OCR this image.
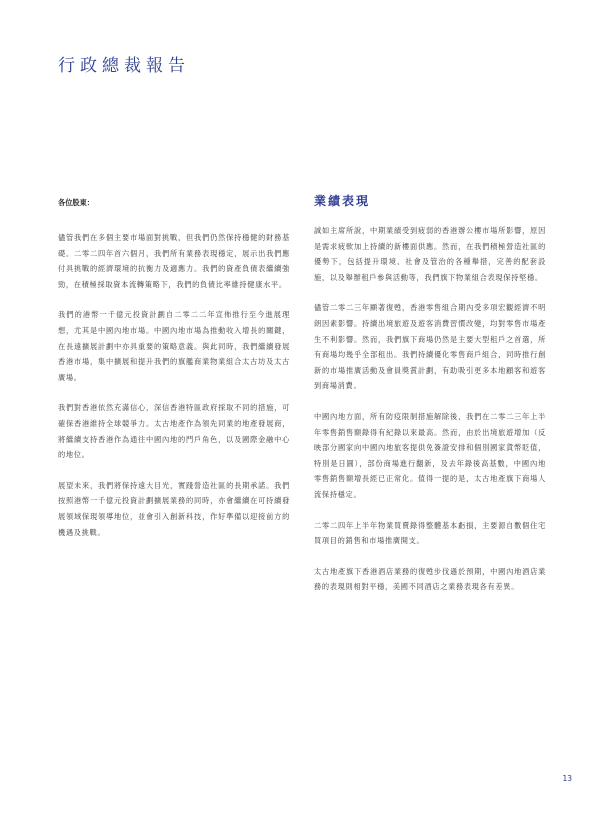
行政總裁報告

各位股東：

儘管我們在多個主要市場面對挑戰，但我們仍然保持穩健的財務基礎。二零二四年首六個月，我們所有業務表現穩定，展示出我們應付具挑戰的經濟環境的抗衡力及適應力。我們的資產負債表繼續強勁，在積極採取資本流轉策略下，我們的負債比率維持健康水平。

我們的港幣一千億元投資計劃自二零二二年宣佈推行至今進展理想，尤其是中國內地市場。中國內地市場為推動收入增長的關鍵，在長遠擴展計劃中亦具重要的策略意義。與此同時，我們繼續發展香港市場，集中擴展和提升我們的旗艦商業物業組合太古坊及太古廣場。

我們對香港依然充滿信心，深信香港特區政府採取不同的措施，可確保香港維持全球競爭力。太古地產作為領先同業的地產發展商，將繼續支持香港作為通往中國內地的門戶角色，以及國際金融中心的地位。

展望未來，我們將保持遠大目光，實踐營造社區的長期承諾。我們按照港幣一千億元投資計劃擴展業務的同時，亦會繼續在可持續發展領域保現領導地位，並會引入創新科技，作好準備以迎接前方的機遇及挑戰。

業績表現

誠如主席所說，中期業績受到疲弱的香港辦公樓市場所影響，原因是需求疲軟加上持續的新樓面供應。然而，在我們積極營造社區的優勢下，包括提升環境、社會及管治的各種舉措，完善的配套設施，以及舉辦租戶參與活動等，我們旗下物業組合表現保持堅穩。

儘管二零二三年顯著復甦，香港零售組合期內受多項宏觀經濟不明朗因素影響。持續出境旅遊及遊客消費習慣改變，均對零售市場產生不利影響。然而，我們旗下商場仍然是主要大型租戶之首選，所有商場均幾乎全部租出。我們持續優化零售商戶組合，同時推行創新的市場推廣活動及會員獎賞計劃，有助吸引更多本地顧客和遊客到商場消費。

中國內地方面，所有防疫限制措施解除後，我們在二零二三年上半年零售銷售額錄得有紀錄以來最高。然而，由於出境旅遊增加（反映部分國家向中國內地旅客提供免簽證安排和個別國家貨幣貶值，特別是日圓），部份商場進行翻新，及去年錄後高基數，中國內地零售銷售額增長經已正常化。值得一提的是，太古地產旗下商場人流保持穩定。

二零二四年上半年物業買賣錄得整體基本虧損，主要源自數個住宅買項目的銷售和市場推廣開支。

太古地產旗下香港酒店業務的復甦步伐遜於預期，中國內地酒店業務的表現則相對平穩，美國不同酒店之業務表現各有差異。

13
